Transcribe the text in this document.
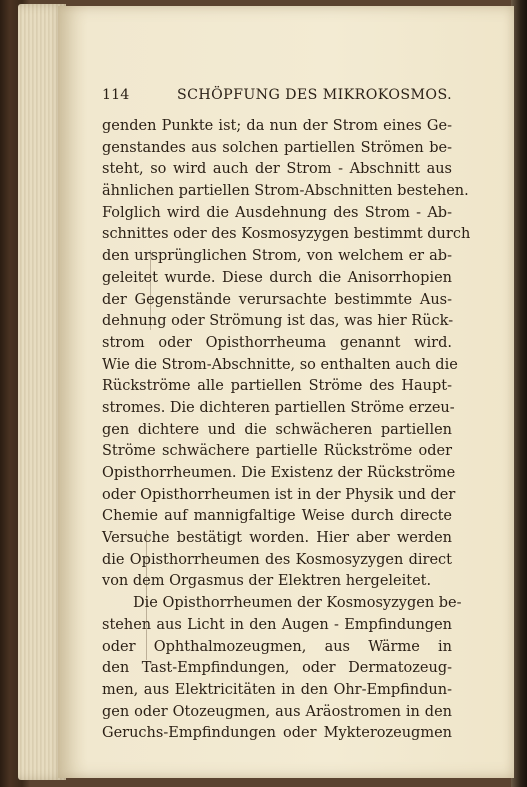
114	SCHÖPFUNG DES MIKROKOSMOS.
genden Punkte ist; da nun der Strom eines Ge-
genstandes aus solchen partiellen Strömen be-
steht, so wird auch der Strom - Abschnitt aus
ähnlichen partiellen Strom-Abschnitten bestehen.
Folglich wird die Ausdehnung des Strom - Ab-
schnittes oder des Kosmosyzygen bestimmt durch
den ursprünglichen Strom, von welchem er ab-
geleitet wurde. Diese durch die Anisorrhopien
der Gegenstände verursachte bestimmte Aus-
dehnung oder Strömung ist das, was hier Rück-
strom oder Opisthorrheuma genannt wird.
Wie die Strom-Abschnitte, so enthalten auch die
Rückströme alle partiellen Ströme des Haupt-
stromes. Die dichteren partiellen Ströme erzeu-
gen dichtere und die schwächeren partiellen
Ströme schwächere partielle Rückströme oder
Opisthorrheumen. Die Existenz der Rückströme
oder Opisthorrheumen ist in der Physik und der
Chemie auf mannigfaltige Weise durch directe
Versuche bestätigt worden. Hier aber werden
die Opisthorrheumen des Kosmosyzygen direct
von dem Orgasmus der Elektren hergeleitet.
Die Opisthorrheumen der Kosmosyzygen be-
stehen aus Licht in den Augen - Empfindungen
oder Ophthalmozeugmen, aus Wärme in
den Tast-Empfindungen, oder Dermatozeug-
men, aus Elektricitäten in den Ohr-Empfindun-
gen oder Otozeugmen, aus Aräostromen in den
Geruchs-Empfindungen oder Mykterozeugmen
